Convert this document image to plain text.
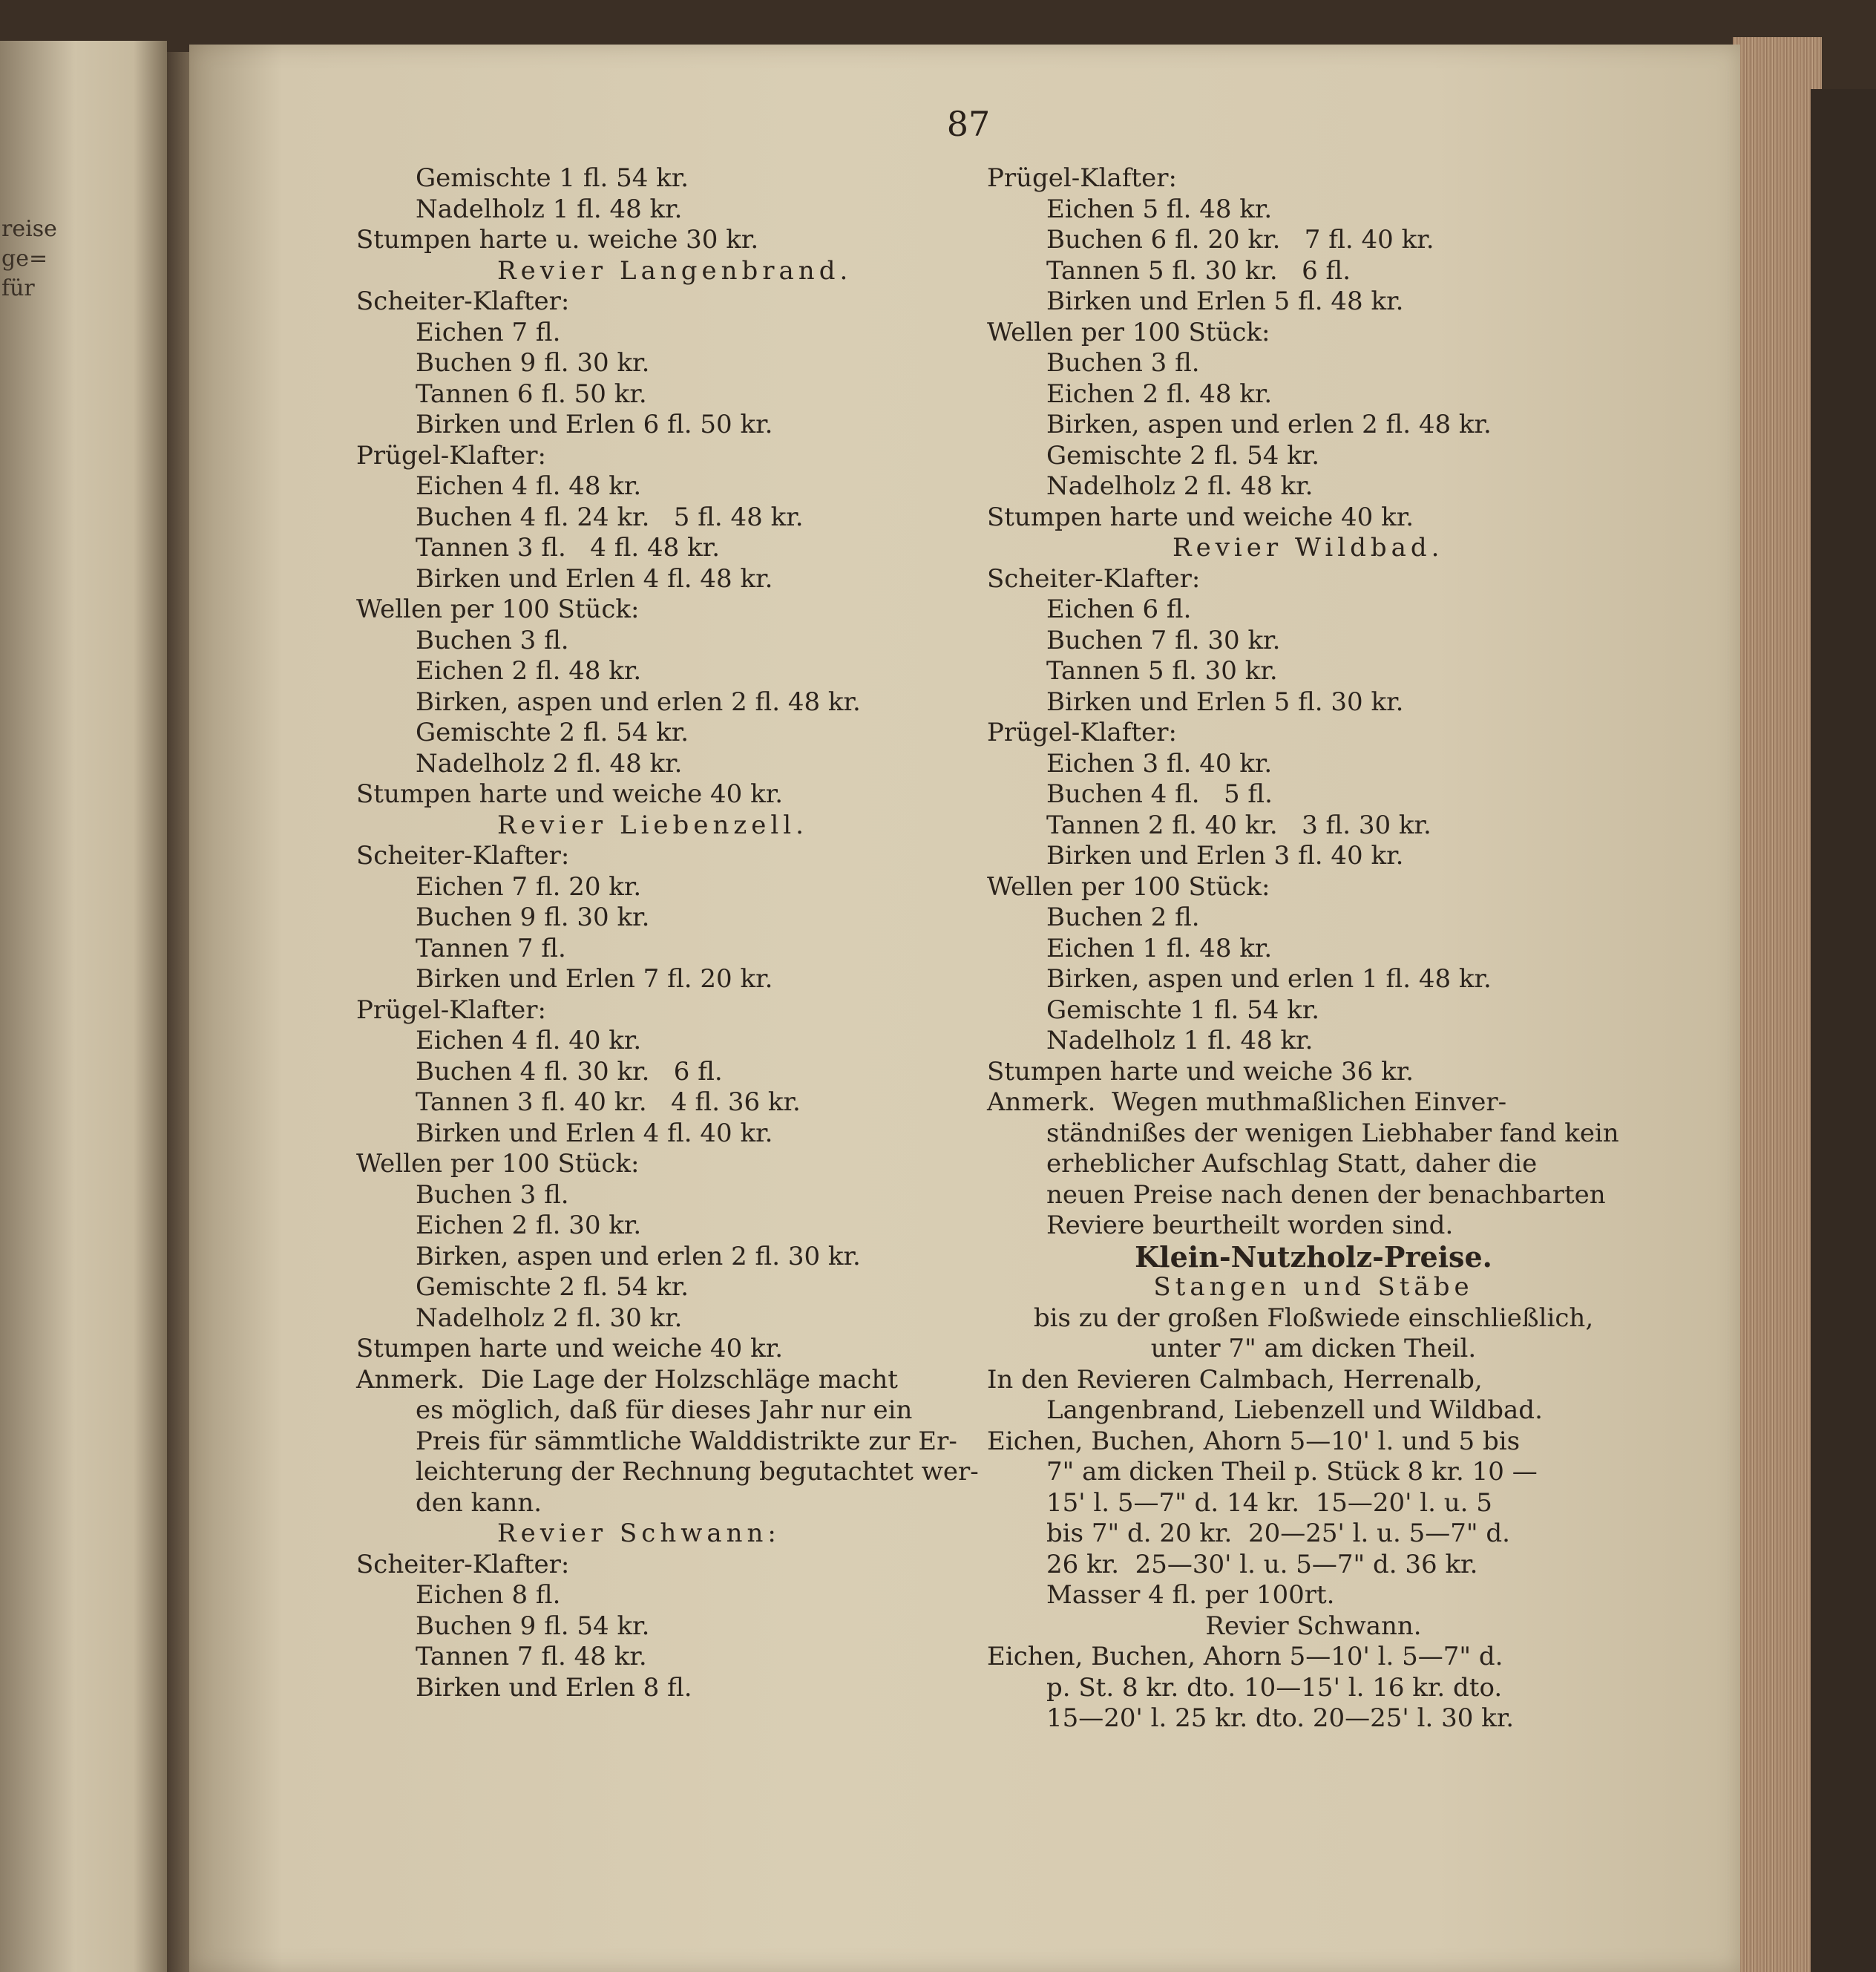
reise
ge=
für
87
Gemischte 1 fl. 54 kr.
Nadelholz 1 fl. 48 kr.
Stumpen harte u. weiche 30 kr.
Revier Langenbrand.
Scheiter-Klafter:
Eichen 7 fl.
Buchen 9 fl. 30 kr.
Tannen 6 fl. 50 kr.
Birken und Erlen 6 fl. 50 kr.
Prügel-Klafter:
Eichen 4 fl. 48 kr.
Buchen 4 fl. 24 kr.   5 fl. 48 kr.
Tannen 3 fl.   4 fl. 48 kr.
Birken und Erlen 4 fl. 48 kr.
Wellen per 100 Stück:
Buchen 3 fl.
Eichen 2 fl. 48 kr.
Birken, aspen und erlen 2 fl. 48 kr.
Gemischte 2 fl. 54 kr.
Nadelholz 2 fl. 48 kr.
Stumpen harte und weiche 40 kr.
Revier Liebenzell.
Scheiter-Klafter:
Eichen 7 fl. 20 kr.
Buchen 9 fl. 30 kr.
Tannen 7 fl.
Birken und Erlen 7 fl. 20 kr.
Prügel-Klafter:
Eichen 4 fl. 40 kr.
Buchen 4 fl. 30 kr.   6 fl.
Tannen 3 fl. 40 kr.   4 fl. 36 kr.
Birken und Erlen 4 fl. 40 kr.
Wellen per 100 Stück:
Buchen 3 fl.
Eichen 2 fl. 30 kr.
Birken, aspen und erlen 2 fl. 30 kr.
Gemischte 2 fl. 54 kr.
Nadelholz 2 fl. 30 kr.
Stumpen harte und weiche 40 kr.
Anmerk.  Die Lage der Holzschläge macht
es möglich, daß für dieses Jahr nur ein
Preis für sämmtliche Walddistrikte zur Er-
leichterung der Rechnung begutachtet wer-
den kann.
Revier Schwann:
Scheiter-Klafter:
Eichen 8 fl.
Buchen 9 fl. 54 kr.
Tannen 7 fl. 48 kr.
Birken und Erlen 8 fl.
Prügel-Klafter:
Eichen 5 fl. 48 kr.
Buchen 6 fl. 20 kr.   7 fl. 40 kr.
Tannen 5 fl. 30 kr.   6 fl.
Birken und Erlen 5 fl. 48 kr.
Wellen per 100 Stück:
Buchen 3 fl.
Eichen 2 fl. 48 kr.
Birken, aspen und erlen 2 fl. 48 kr.
Gemischte 2 fl. 54 kr.
Nadelholz 2 fl. 48 kr.
Stumpen harte und weiche 40 kr.
Revier Wildbad.
Scheiter-Klafter:
Eichen 6 fl.
Buchen 7 fl. 30 kr.
Tannen 5 fl. 30 kr.
Birken und Erlen 5 fl. 30 kr.
Prügel-Klafter:
Eichen 3 fl. 40 kr.
Buchen 4 fl.   5 fl.
Tannen 2 fl. 40 kr.   3 fl. 30 kr.
Birken und Erlen 3 fl. 40 kr.
Wellen per 100 Stück:
Buchen 2 fl.
Eichen 1 fl. 48 kr.
Birken, aspen und erlen 1 fl. 48 kr.
Gemischte 1 fl. 54 kr.
Nadelholz 1 fl. 48 kr.
Stumpen harte und weiche 36 kr.
Anmerk.  Wegen muthmaßlichen Einver-
ständnißes der wenigen Liebhaber fand kein
erheblicher Aufschlag Statt, daher die
neuen Preise nach denen der benachbarten
Reviere beurtheilt worden sind.
Klein-Nutzholz-Preise.
Stangen und Stäbe
bis zu der großen Floßwiede einschließlich,
unter 7" am dicken Theil.
In den Revieren Calmbach, Herrenalb,
Langenbrand, Liebenzell und Wildbad.
Eichen, Buchen, Ahorn 5—10' l. und 5 bis
7" am dicken Theil p. Stück 8 kr. 10 —
15' l. 5—7" d. 14 kr.  15—20' l. u. 5
bis 7" d. 20 kr.  20—25' l. u. 5—7" d.
26 kr.  25—30' l. u. 5—7" d. 36 kr.
Masser 4 fl. per 100rt.
Revier Schwann.
Eichen, Buchen, Ahorn 5—10' l. 5—7" d.
p. St. 8 kr. dto. 10—15' l. 16 kr. dto.
15—20' l. 25 kr. dto. 20—25' l. 30 kr.
